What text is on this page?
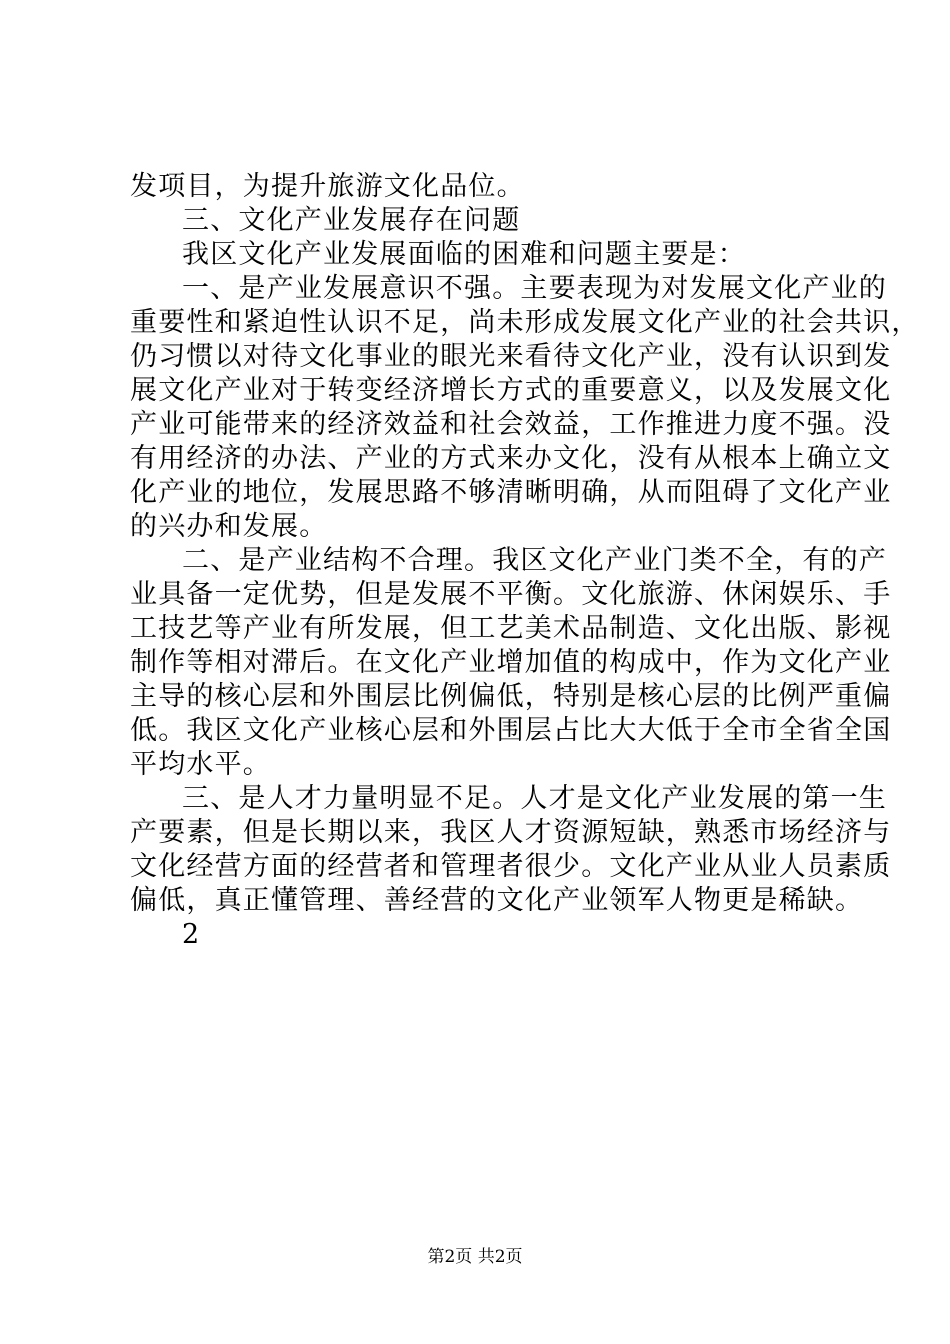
发项目，为提升旅游文化品位。
三、文化产业发展存在问题
我区文化产业发展面临的困难和问题主要是：
一、是产业发展意识不强。主要表现为对发展文化产业的
重要性和紧迫性认识不足，尚未形成发展文化产业的社会共识，
仍习惯以对待文化事业的眼光来看待文化产业，没有认识到发
展文化产业对于转变经济增长方式的重要意义，以及发展文化
产业可能带来的经济效益和社会效益，工作推进力度不强。没
有用经济的办法、产业的方式来办文化，没有从根本上确立文
化产业的地位，发展思路不够清晰明确，从而阻碍了文化产业
的兴办和发展。
二、是产业结构不合理。我区文化产业门类不全，有的产
业具备一定优势，但是发展不平衡。文化旅游、休闲娱乐、手
工技艺等产业有所发展，但工艺美术品制造、文化出版、影视
制作等相对滞后。在文化产业增加值的构成中，作为文化产业
主导的核心层和外围层比例偏低，特别是核心层的比例严重偏
低。我区文化产业核心层和外围层占比大大低于全市全省全国
平均水平。
三、是人才力量明显不足。人才是文化产业发展的第一生
产要素，但是长期以来，我区人才资源短缺，熟悉市场经济与
文化经营方面的经营者和管理者很少。文化产业从业人员素质
偏低，真正懂管理、善经营的文化产业领军人物更是稀缺。
2
第2页 共2页
